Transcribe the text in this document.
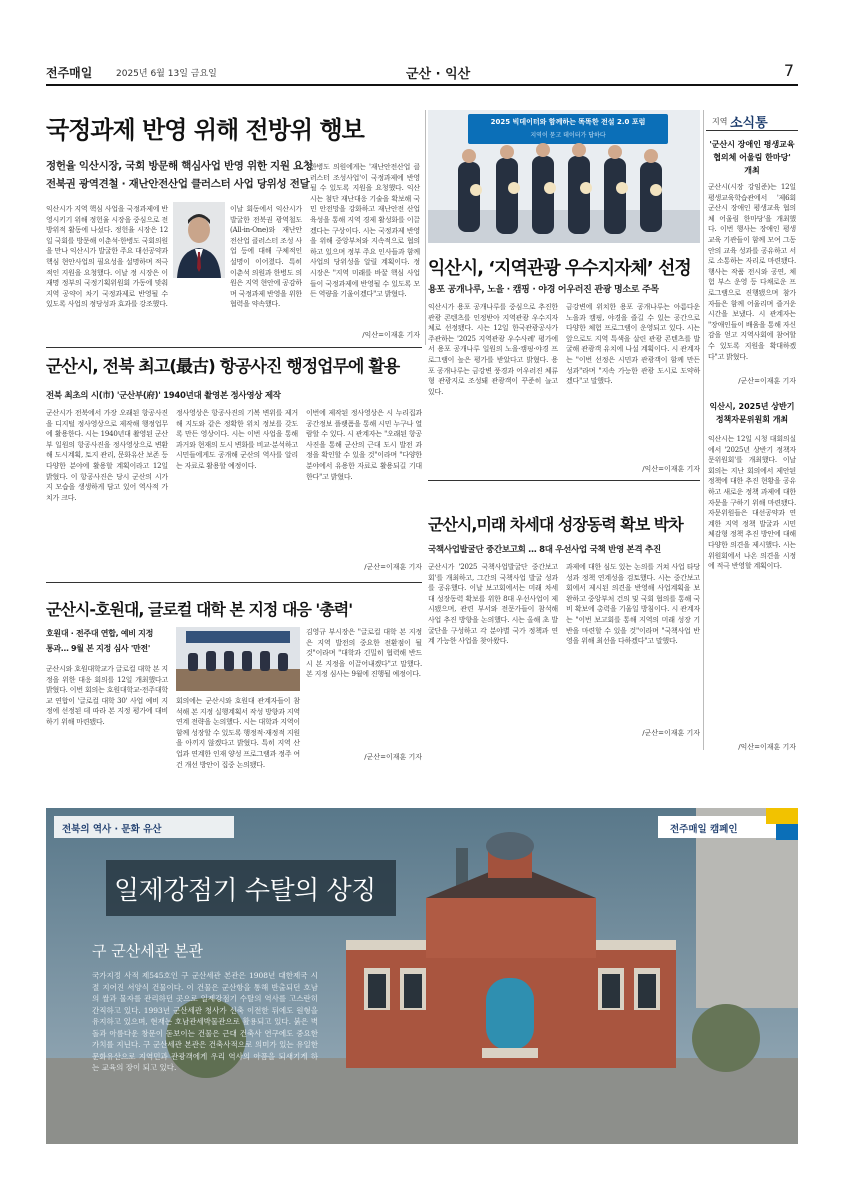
전주매일	2025년 6월 13일 금요일	군산 · 익산	7
국정과제 반영 위해 전방위 행보
정헌율 익산시장, 국회 방문해 핵심사업 반영 위한 지원 요청
전북권 광역견철 · 재난안전산업 클러스터 사업 당위성 전달
익산시가 지역 핵심 사업을 국정과제에 반영시키기 위해 정헌율 시장을 중심으로 전방위적 활동에 나섰다. 정헌율 시장은 12일 국회를 방문해 이춘석·한병도 국회의원을 만나 익산시가 발굴한 주요 대선공약과 핵심 현안사업의 필요성을 설명하며 적극적인 지원을 요청했다. 이날 정 시장은 이재명 정부의 국정기획위원회 가동에 맞춰 지역 공약이 차기 국정과제로 반영될 수 있도록 사업의 정당성과 효과를 강조했다.
이날 회동에서 익산시가 발굴한 전북권 광역철도(All-in-One)와 재난안전산업 클러스터 조성 사업 등에 대해 구체적인 설명이 이어졌다. 특히 이춘석 의원과 한병도 의원은 지역 현안에 공감하며 국정과제 반영을 위한 협력을 약속했다.
한병도 의원에게는 '재난안전산업 클러스터 조성사업'이 국정과제에 반영될 수 있도록 지원을 요청했다. 익산시는 첨단 재난대응 기술을 확보해 국민 안전망을 강화하고 재난안전 산업 육성을 통해 지역 경제 활성화를 이끌겠다는 구상이다. 시는 국정과제 반영을 위해 중앙부처와 지속적으로 협의하고 있으며 정부 주요 인사들과 함께 사업의 당위성을 알릴 계획이다. 정 시장은 "지역 미래를 바꿀 핵심 사업들이 국정과제에 반영될 수 있도록 모든 역량을 기울이겠다"고 밝혔다.
/익산=이재훈 기자
2025 빅데이터와 함께하는 똑똑한 전설 2.0 포럼
지역이 묻고 데이터가 답하다
익산시, ‘지역관광 우수지자체’ 선정
용포 공개나루, 노을 · 캠핑 · 야경 어우러진 관광 명소로 주목
익산시가 용포 공개나루를 중심으로 추진한 관광 콘텐츠를 인정받아 지역관광 우수지자체로 선정됐다. 시는 12일 한국관광공사가 주관하는 '2025 지역관광 우수사례' 평가에서 용포 공개나루 일원의 노을·캠핑·야경 프로그램이 높은 평가를 받았다고 밝혔다. 용포 공개나루는 금강변 풍경과 어우러진 체류형 관광지로 조성돼 관광객이 꾸준히 늘고 있다.
금강변에 위치한 용포 공개나루는 아름다운 노을과 캠핑, 야경을 즐길 수 있는 공간으로 다양한 체험 프로그램이 운영되고 있다. 시는 앞으로도 지역 특색을 살린 관광 콘텐츠를 발굴해 관광객 유치에 나설 계획이다. 시 관계자는 "이번 선정은 시민과 관광객이 함께 만든 성과"라며 "지속 가능한 관광 도시로 도약하겠다"고 말했다.
/익산=이재훈 기자
군산시, 전북 최고(最古) 항공사진 행정업무에 활용
전북 최초의 시(市) '군산부(府)' 1940년대 촬영본 정사영상 제작
군산시가 전북에서 가장 오래된 항공사진을 디지털 정사영상으로 제작해 행정업무에 활용한다. 시는 1940년대 촬영된 군산부 일원의 항공사진을 정사영상으로 변환해 도시계획, 토지 관리, 문화유산 보존 등 다양한 분야에 활용할 계획이라고 12일 밝혔다. 이 항공사진은 당시 군산의 시가지 모습을 생생하게 담고 있어 역사적 가치가 크다.
정사영상은 항공사진의 기복 변위를 제거해 지도와 같은 정확한 위치 정보를 갖도록 만든 영상이다. 시는 이번 사업을 통해 과거와 현재의 도시 변화를 비교·분석하고 시민들에게도 공개해 군산의 역사를 알리는 자료로 활용할 예정이다.
이번에 제작된 정사영상은 시 누리집과 공간정보 플랫폼을 통해 시민 누구나 열람할 수 있다. 시 관계자는 "오래된 항공사진을 통해 군산의 근대 도시 발전 과정을 확인할 수 있을 것"이라며 "다양한 분야에서 유용한 자료로 활용되길 기대한다"고 밝혔다.
/군산=이재훈 기자
군산시,미래 차세대 성장동력 확보 박차
국책사업발굴단 중간보고회 … 8대 우선사업 국책 반영 본격 추진
군산시가 '2025 국책사업발굴단 중간보고회'를 개최하고, 그간의 국책사업 발굴 성과를 공유했다. 이날 보고회에서는 미래 차세대 성장동력 확보를 위한 8대 우선사업이 제시됐으며, 관련 부서와 전문가들이 참석해 사업 추진 방향을 논의했다. 시는 올해 초 발굴단을 구성하고 각 분야별 국가 정책과 연계 가능한 사업을 찾아왔다.
과제에 대한 심도 있는 논의를 거쳐 사업 타당성과 정책 연계성을 검토했다. 시는 중간보고회에서 제시된 의견을 반영해 사업계획을 보완하고 중앙부처 건의 및 국회 협의를 통해 국비 확보에 총력을 기울일 방침이다. 시 관계자는 "이번 보고회를 통해 지역의 미래 성장 기반을 마련할 수 있을 것"이라며 "국책사업 반영을 위해 최선을 다하겠다"고 말했다.
/군산=이재훈 기자
군산시-호원대, 글로컬 대학 본 지정 대응 '총력'
호원대 · 전주대 연합, 예비 지정
통과… 9월 본 지정 심사 '만전'
군산시와 호원대학교가 글로컬 대학 본 지정을 위한 대응 회의를 12일 개최했다고 밝혔다. 이번 회의는 호원대학교-전주대학교 연합이 '글로컬 대학 30' 사업 예비 지정에 선정된 데 따라 본 지정 평가에 대비하기 위해 마련됐다.
회의에는 군산시와 호원대 관계자들이 참석해 본 지정 실행계획서 작성 방향과 지역 연계 전략을 논의했다. 시는 대학과 지역이 함께 성장할 수 있도록 행정적·재정적 지원을 아끼지 않겠다고 밝혔다. 특히 지역 산업과 연계한 인재 양성 프로그램과 정주 여건 개선 방안이 집중 논의됐다.
김영규 부시장은 "글로컬 대학 본 지정은 지역 발전의 중요한 전환점이 될 것"이라며 "대학과 긴밀히 협력해 반드시 본 지정을 이끌어내겠다"고 말했다. 본 지정 심사는 9월에 진행될 예정이다.
/군산=이재훈 기자
지역 소식통
'군산시 장애인 평생교육 협의체 어울림 한마당' 개최
군산시(시장 강임준)는 12일 평생교육학습관에서 '제6회 군산시 장애인 평생교육 협의체 어울림 한마당'을 개최했다. 이번 행사는 장애인 평생교육 기관들이 함께 모여 그동안의 교육 성과를 공유하고 서로 소통하는 자리로 마련됐다. 행사는 작품 전시와 공연, 체험 부스 운영 등 다채로운 프로그램으로 진행됐으며 참가자들은 함께 어울리며 즐거운 시간을 보냈다. 시 관계자는 "장애인들이 배움을 통해 자신감을 얻고 지역사회에 참여할 수 있도록 지원을 확대하겠다"고 밝혔다.
/군산=이재훈 기자
익산시, 2025년 상반기 정책자문위원회 개최
익산시는 12일 시청 대회의실에서 '2025년 상반기 정책자문위원회'를 개최했다. 이날 회의는 지난 회의에서 제안된 정책에 대한 추진 현황을 공유하고 새로운 정책 과제에 대한 자문을 구하기 위해 마련됐다. 자문위원들은 대선공약과 연계한 지역 정책 발굴과 시민 체감형 정책 추진 방안에 대해 다양한 의견을 제시했다. 시는 위원회에서 나온 의견을 시정에 적극 반영할 계획이다.
/익산=이재훈 기자
전북의 역사 · 문화 유산	전주매일 캠페인
일제강점기 수탈의 상징
구 군산세관 본관
국가지정 사적 제545호인 구 군산세관 본관은 1908년 대한제국 시절 지어진 서양식 건물이다. 이 건물은 군산항을 통해 반출되던 호남의 쌀과 물자를 관리하던 곳으로 일제강점기 수탈의 역사를 고스란히 간직하고 있다. 1993년 군산세관 청사가 신축 이전한 뒤에도 원형을 유지하고 있으며, 현재는 호남관세박물관으로 활용되고 있다. 붉은 벽돌과 아름다운 창문이 돋보이는 건물은 근대 건축사 연구에도 중요한 가치를 지닌다. 구 군산세관 본관은 건축사적으로 의미가 있는 유일한 문화유산으로 지역민과 관광객에게 우리 역사의 아픔을 되새기게 하는 교육의 장이 되고 있다.
